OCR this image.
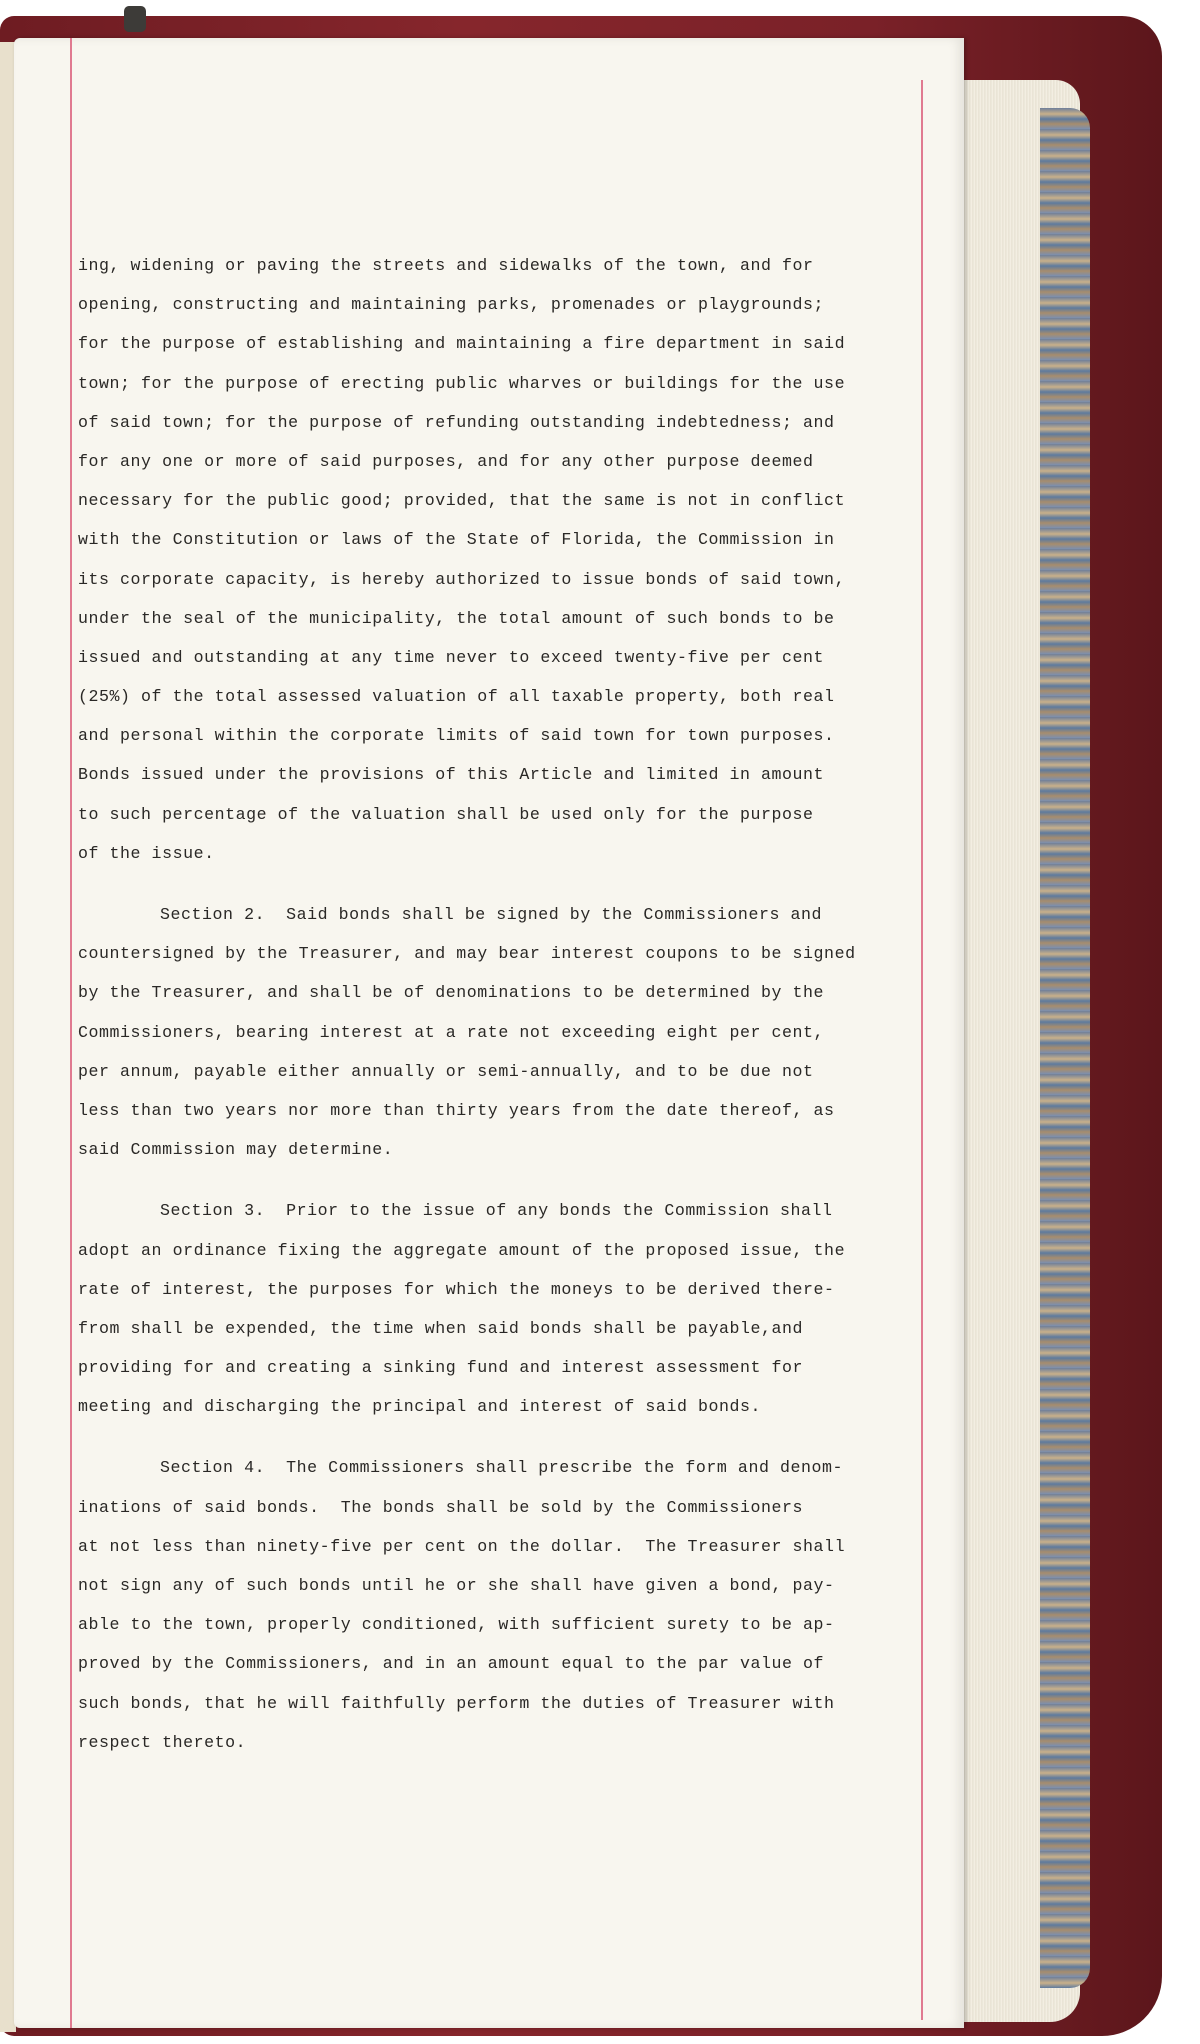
ing, widening or paving the streets and sidewalks of the town, and for
opening, constructing and maintaining parks, promenades or playgrounds;
for the purpose of establishing and maintaining a fire department in said
town; for the purpose of erecting public wharves or buildings for the use
of said town; for the purpose of refunding outstanding indebtedness; and
for any one or more of said purposes, and for any other purpose deemed
necessary for the public good; provided, that the same is not in conflict
with the Constitution or laws of the State of Florida, the Commission in
its corporate capacity, is hereby authorized to issue bonds of said town,
under the seal of the municipality, the total amount of such bonds to be
issued and outstanding at any time never to exceed twenty-five per cent
(25%) of the total assessed valuation of all taxable property, both real
and personal within the corporate limits of said town for town purposes.
Bonds issued under the provisions of this Article and limited in amount
to such percentage of the valuation shall be used only for the purpose
of the issue.
Section 2.  Said bonds shall be signed by the Commissioners and
countersigned by the Treasurer, and may bear interest coupons to be signed
by the Treasurer, and shall be of denominations to be determined by the
Commissioners, bearing interest at a rate not exceeding eight per cent,
per annum, payable either annually or semi-annually, and to be due not
less than two years nor more than thirty years from the date thereof, as
said Commission may determine.
Section 3.  Prior to the issue of any bonds the Commission shall
adopt an ordinance fixing the aggregate amount of the proposed issue, the
rate of interest, the purposes for which the moneys to be derived there-
from shall be expended, the time when said bonds shall be payable,and
providing for and creating a sinking fund and interest assessment for
meeting and discharging the principal and interest of said bonds.
Section 4.  The Commissioners shall prescribe the form and denom-
inations of said bonds.  The bonds shall be sold by the Commissioners
at not less than ninety-five per cent on the dollar.  The Treasurer shall
not sign any of such bonds until he or she shall have given a bond, pay-
able to the town, properly conditioned, with sufficient surety to be ap-
proved by the Commissioners, and in an amount equal to the par value of
such bonds, that he will faithfully perform the duties of Treasurer with
respect thereto.
